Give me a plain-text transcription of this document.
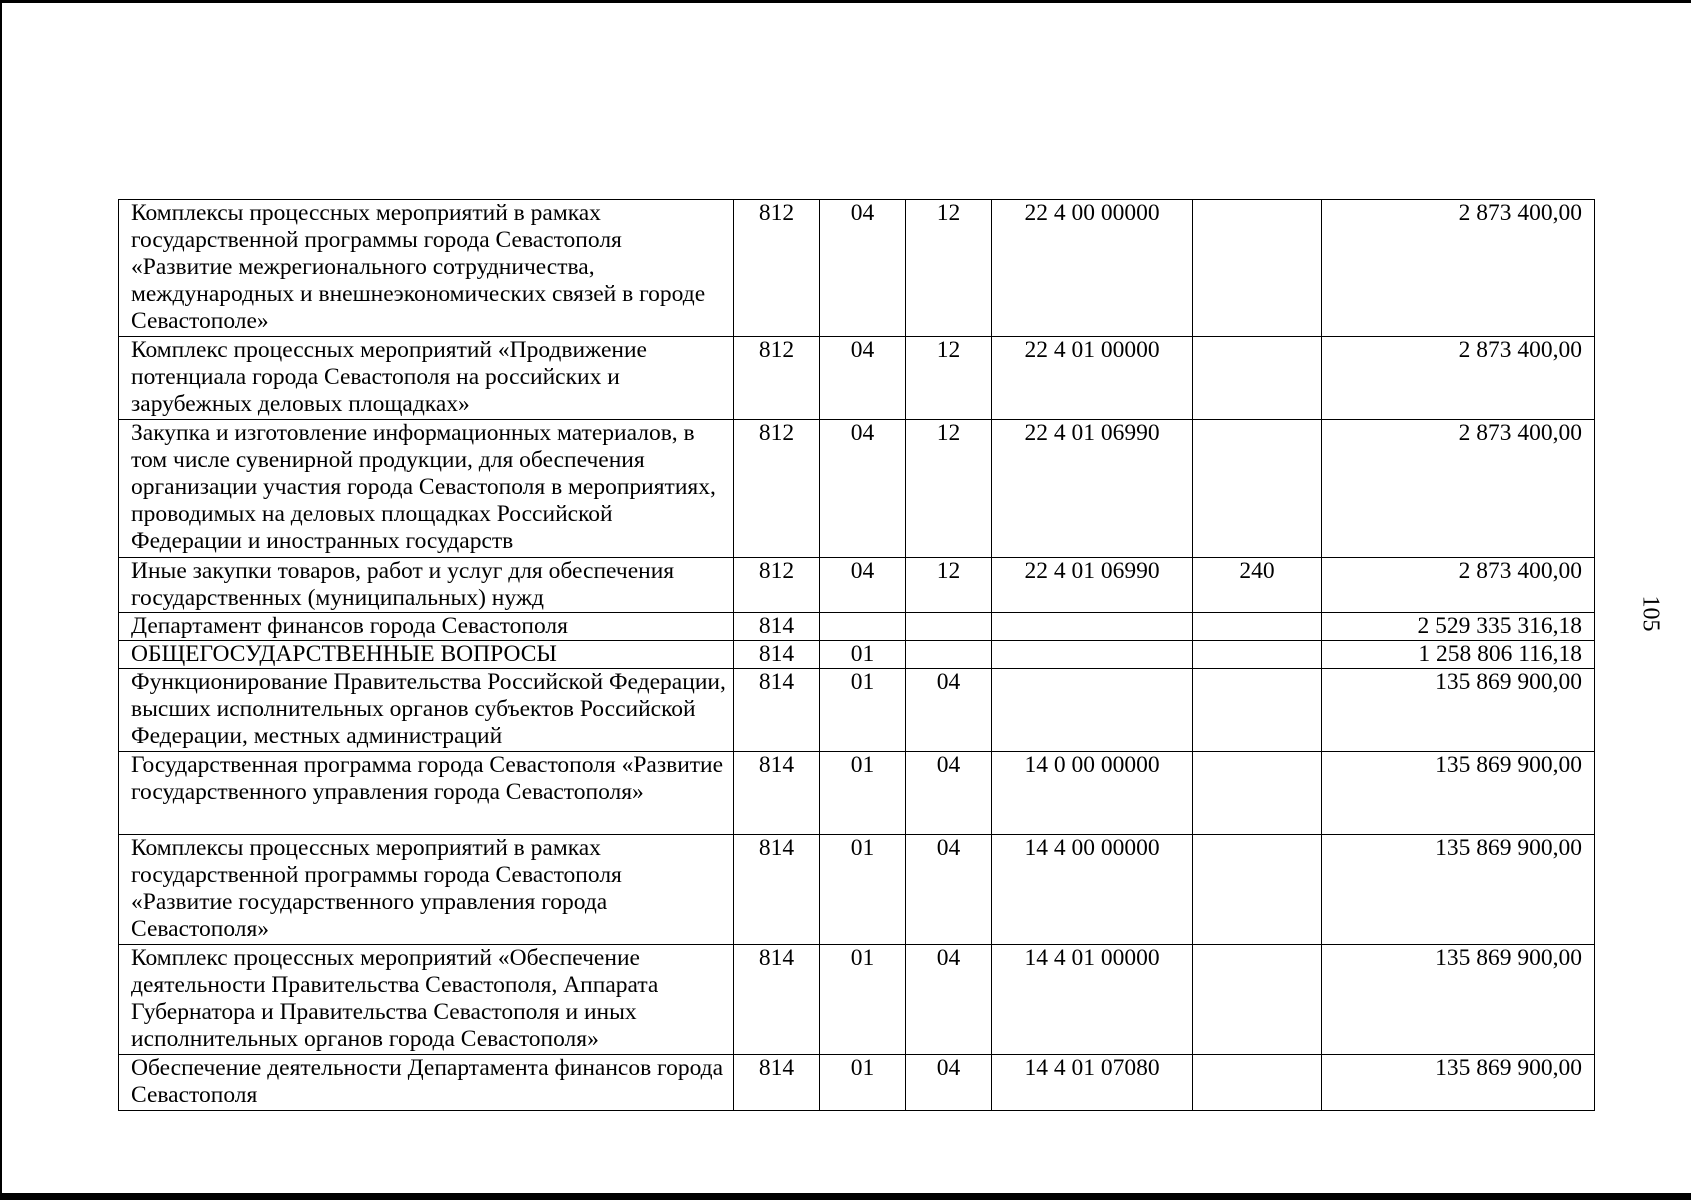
Комплексы процессных мероприятий в рамках государственной программы города Севастополя «Развитие межрегионального сотрудничества, международных и внешнеэкономических связей в городе Севастополе»	812	04	12	22 4 00 00000		2 873 400,00
Комплекс процессных мероприятий «Продвижение потенциала города Севастополя на российских и зарубежных деловых площадках»	812	04	12	22 4 01 00000		2 873 400,00
Закупка и изготовление информационных материалов, в том числе сувенирной продукции, для обеспечения организации участия города Севастополя в мероприятиях, проводимых на деловых площадках Российской Федерации и иностранных государств	812	04	12	22 4 01 06990		2 873 400,00
Иные закупки товаров, работ и услуг для обеспечения государственных (муниципальных) нужд	812	04	12	22 4 01 06990	240	2 873 400,00
Департамент финансов города Севастополя	814					2 529 335 316,18
ОБЩЕГОСУДАРСТВЕННЫЕ ВОПРОСЫ	814	01				1 258 806 116,18
Функционирование Правительства Российской Федерации, высших исполнительных органов субъектов Российской Федерации, местных администраций	814	01	04			135 869 900,00
Государственная программа города Севастополя «Развитие государственного управления города Севастополя»	814	01	04	14 0 00 00000		135 869 900,00
Комплексы процессных мероприятий в рамках государственной программы города Севастополя «Развитие государственного управления города Севастополя»	814	01	04	14 4 00 00000		135 869 900,00
Комплекс процессных мероприятий «Обеспечение деятельности Правительства Севастополя, Аппарата Губернатора и Правительства Севастополя и иных исполнительных органов города Севастополя»	814	01	04	14 4 01 00000		135 869 900,00
Обеспечение деятельности Департамента финансов города Севастополя	814	01	04	14 4 01 07080		135 869 900,00
105
